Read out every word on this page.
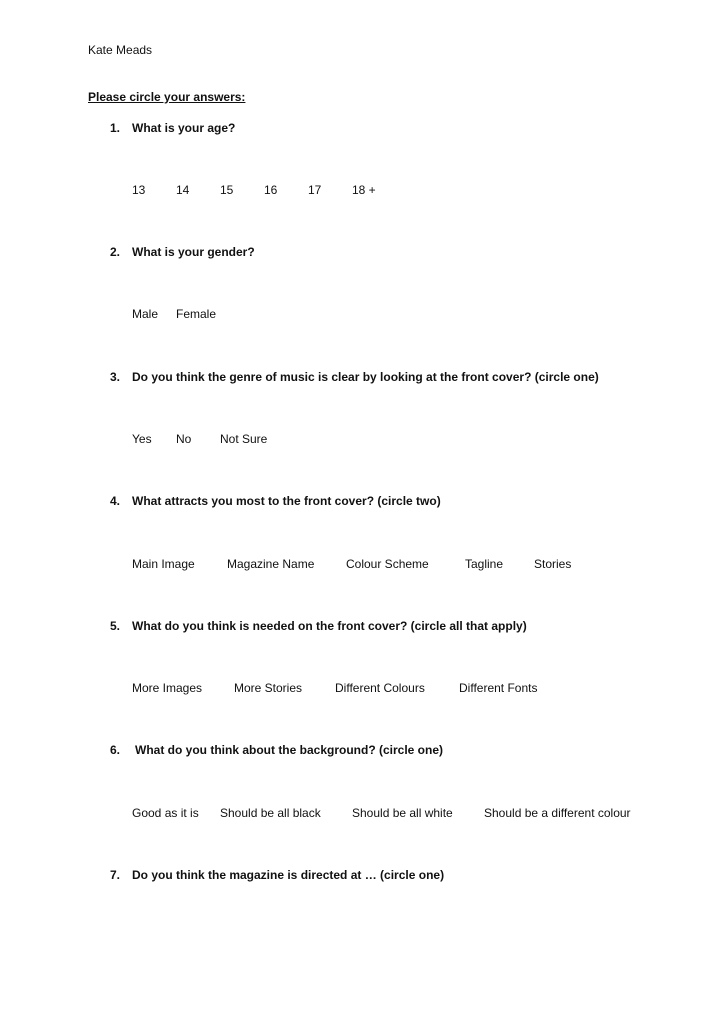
Kate Meads
Please circle your answers:
1. What is your age?
13	14	15	16	17	18 +
2. What is your gender?
Male Female
3. Do you think the genre of music is clear by looking at the front cover? (circle one)
Yes No Not Sure
4. What attracts you most to the front cover? (circle two)
Main Image	Magazine Name	Colour Scheme	Tagline	Stories
5. What do you think is needed on the front cover? (circle all that apply)
More Images	More Stories	Different Colours	Different Fonts
6. What do you think about the background? (circle one)
Good as it is Should be all black	Should be all white	Should be a different colour
7. Do you think the magazine is directed at … (circle one)
